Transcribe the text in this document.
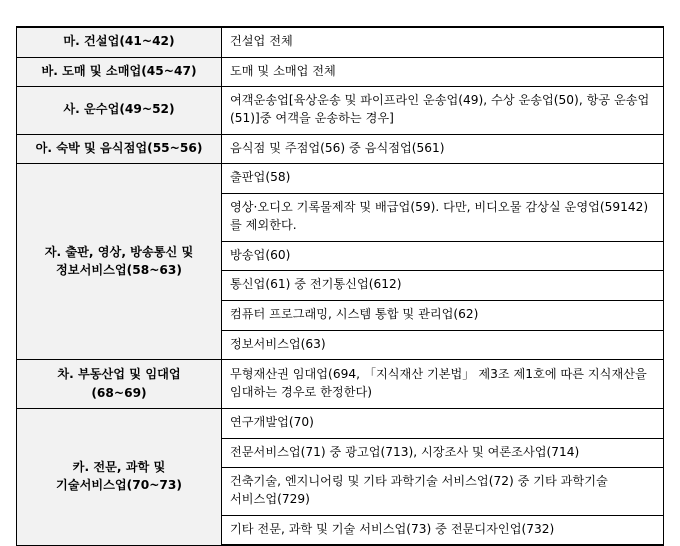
마. 건설업(41~42)	건설업 전체
바. 도매 및 소매업(45~47)	도매 및 소매업 전체
사. 운수업(49~52)	여객운송업[육상운송 및 파이프라인 운송업(49), 수상 운송업(50), 항공 운송업(51)]중 여객을 운송하는 경우]
아. 숙박 및 음식점업(55~56)	음식점 및 주점업(56) 중 음식점업(561)

자. 출판, 영상, 방송통신 및
정보서비스업(58~63)	출판업(58)
	영상·오디오 기록물제작 및 배급업(59). 다만, 비디오물 감상실 운영업(59142)를 제외한다.
	방송업(60)
	통신업(61) 중 전기통신업(612)
	컴퓨터 프로그래밍, 시스템 통합 및 관리업(62)
	정보서비스업(63)

차. 부동산업 및 임대업
(68~69)	무형재산권 임대업(694, 「지식재산 기본법」 제3조 제1호에 따른 지식재산을 임대하는 경우로 한정한다)

카. 전문, 과학 및
기술서비스업(70~73)	연구개발업(70)
	전문서비스업(71) 중 광고업(713), 시장조사 및 여론조사업(714)
	건축기술, 엔지니어링 및 기타 과학기술 서비스업(72) 중 기타 과학기술 서비스업(729)
	기타 전문, 과학 및 기술 서비스업(73) 중 전문디자인업(732)
